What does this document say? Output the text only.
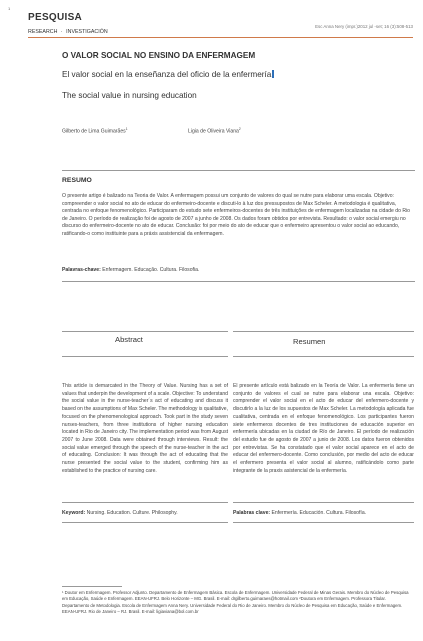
1
PESQUISA
RESEARCH · INVESTIGACIÓN
Esc Anna Nery (impr.)2012 jul -set; 16 (3):508-513
O VALOR SOCIAL NO ENSINO DA ENFERMAGEM
El valor social en la enseñanza del oficio de la enfermería
The social value in nursing education
Gilberto de Lima Guimarães$^1$	Ligia de Oliveira Viana$^2$
RESUMO

O presente artigo é balizado na Teoria de Valor. A enfermagem possui um conjunto de valores do qual se nutre para elaborar uma escala. Objetivo: compreender o valor social no ato de educar do enfermeiro-docente e discuti-lo à luz dos pressupostos de Max Scheler. A metodologia é qualitativa, centrada no enfoque fenomenológico. Participaram do estudo sete enfermeiros-docentes de três instituições de enfermagem localizadas na cidade do Rio de Janeiro. O período de realização foi de agosto de 2007 a junho de 2008. Os dados foram obtidos por entrevista. Resultado: o valor social emergiu no discurso do enfermeiro-docente no ato de educar. Conclusão: foi por meio do ato de educar que o enfermeiro apresentou o valor social ao educando, ratificando-o como instituinte para a práxis assistencial da enfermagem.

Palavras-chave: Enfermagem. Educação. Cultura. Filosofia.
Abstract

This article is demarcated in the Theory of Value. Nursing has a set of values that underpin the development of a scale. Objective: To understand the social value in the nurse-teacher´s act of educating and discuss it based on the assumptions of Max Scheler. The methodology is qualitative, focused on the phenomenological approach. Took part in the study seven nurses-teachers, from three institutions of higher nursing education located in Rio de Janeiro city. The implementation period was from August 2007 to June 2008. Data were obtained through interviews. Result: the social value emerged through the speech of the nurse-teacher in the act of educating. Conclusion: It was through the act of educating that the nurse presented the social value to the student, confirming him as established to the practice of nursing care.

Keyword: Nursing. Education. Culture. Philosophy.
Resumen

El presente artículo está balizado en la Teoría de Valor. La enfermería tiene un conjunto de valores el cual se nutre para elaborar una escala. Objetivo: comprender el valor social en el acto de educar del enfermero-docente y discutirlo a la luz de los supuestos de Max Scheler. La metodología aplicada fue cualitativa, centrada en el enfoque fenomenológico. Los participantes fueron siete enfermeros docentes de tres instituciones de educación superior en enfermería ubicadas en la ciudad de Río de Janeiro. El período de realización del estudio fue de agosto de 2007 a junio de 2008. Los datos fueron obtenidos por entrevistas. Se ha constatado que el valor social aparece en el acto de educar del enfermero-docente. Como conclusión, por medio del acto de educar el enfermero presenta el valor social al alumno, ratificándolo como parte integrante de la praxis asistencial de la enfermería.

Palabras clave: Enfermería. Educación. Cultura. Filosofía.

¹ Doutor em Enfermagem. Professor Adjunto. Departamento de Enfermagem Básica. Escola de Enfermagem. Universidade Federal de Minas Gerais. Membro do Núcleo de Pesquisa em Educação, Saúde e Enfermagem. EEAN-UFRJ. Belo Horizonte – MG. Brasil. E-mail: drgilberto.guimaraes@hotmail.com ²Doutora em Enfermagem. Professora Titular. Departamento de Metodologia. Escola de Enfermagem Anna Nery. Universidade Federal do Rio de Janeiro. Membro do Núcleo de Pesquisa em Educação, Saúde e Enfermagem. EEAN-UFRJ. Rio de Janeiro – RJ. Brasil. E-mail: ligiaviana@bol.com.br
